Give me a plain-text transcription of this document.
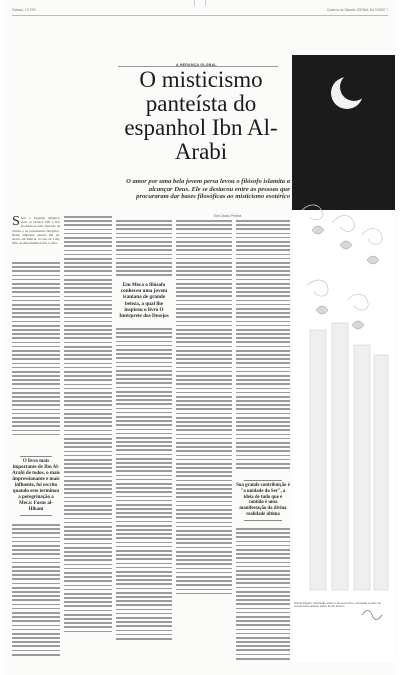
Sábado, 17/7/99	Caderno de Sábado JORNAL DA TARDE 7
S Sob a Espanha islâmica, entre os séculos VIII e XV, produziu-se uma explosão de cultura e de pensamento filosófico. Nesse ambiente nasceu Ibn Al-Arabi, em Múrcia, no ano de 1165, filho de uma família nobre e culta.
O livro mais importante de Ibn Al-Arabi de todos, o mais impressionante e mais influente, foi escrito quando este terminou a peregrinação a Meca: Fusus al-Hikam
Em Meca o filósofo conheceu uma jovem iraniana de grande beleza, a qual lhe inspirou o livro O Intérprete dos Desejos
Sua grande contribuição é "a unidade do Ser", a ideia de tudo que é contido é uma manifestação da divina realidade última
A HERANÇA GLOBAL
O misticismo panteísta do espanhol Ibn Al-Arabi
O amor por uma bela jovem persa levou o filósofo islamita a alcançar Deus. Ele se destacou entre as pessoas que procuraram dar bases filosóficas ao misticismo esotérico
Eric Cássio Pereira
Nicola Pagani, ilustração sobre o tema do livro, recriação a partir de ornamentos árabes sobre fundo branco
